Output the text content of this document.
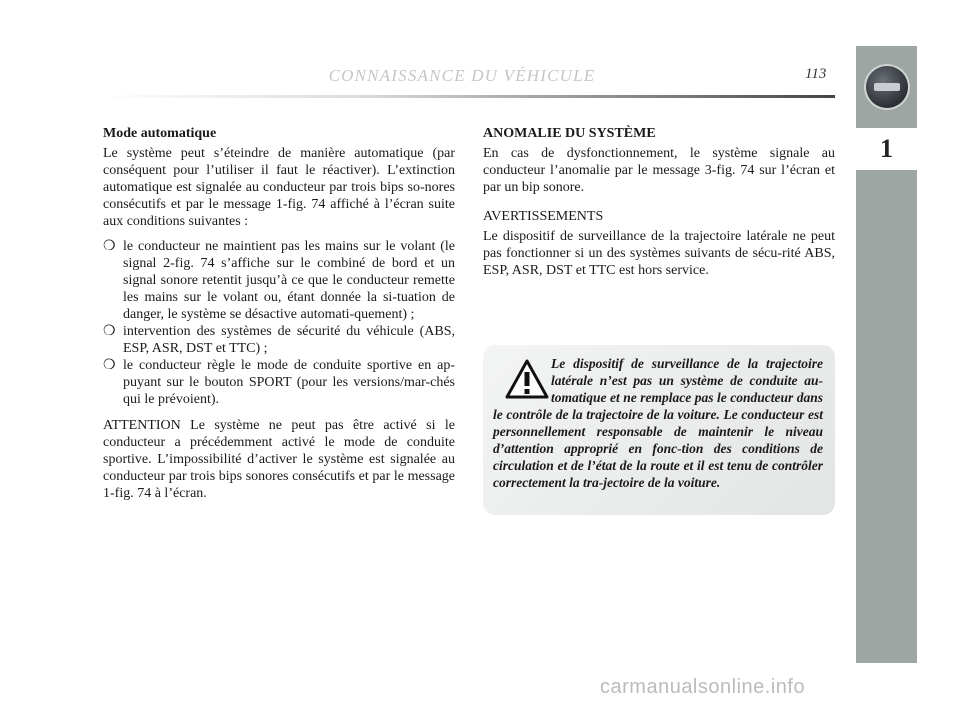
CONNAISSANCE DU VÉHICULE	113
1

Mode automatique

Le système peut s’éteindre de manière automatique (par conséquent pour l’utiliser il faut le réactiver). L’extinction automatique est signalée au conducteur par trois bips so-nores consécutifs et par le message 1-fig. 74 affiché à l’écran suite aux conditions suivantes :

❍ le conducteur ne maintient pas les mains sur le volant (le signal 2-fig. 74 s’affiche sur le combiné de bord et un signal sonore retentit jusqu’à ce que le conducteur remette les mains sur le volant ou, étant donnée la si-tuation de danger, le système se désactive automati-quement) ;
❍ intervention des systèmes de sécurité du véhicule (ABS, ESP, ASR, DST et TTC) ;
❍ le conducteur règle le mode de conduite sportive en ap-puyant sur le bouton SPORT (pour les versions/mar-chés qui le prévoient).

ATTENTION Le système ne peut pas être activé si le conducteur a précédemment activé le mode de conduite sportive. L’impossibilité d’activer le système est signalée au conducteur par trois bips sonores consécutifs et par le message 1-fig. 74 à l’écran.

ANOMALIE DU SYSTÈME

En cas de dysfonctionnement, le système signale au conducteur l’anomalie par le message 3-fig. 74 sur l’écran et par un bip sonore.

AVERTISSEMENTS

Le dispositif de surveillance de la trajectoire latérale ne peut pas fonctionner si un des systèmes suivants de sécu-rité ABS, ESP, ASR, DST et TTC est hors service.

Le dispositif de surveillance de la trajectoire latérale n’est pas un système de conduite au-tomatique et ne remplace pas le conducteur dans le contrôle de la trajectoire de la voiture. Le conducteur est personnellement responsable de maintenir le niveau d’attention approprié en fonc-tion des conditions de circulation et de l’état de la route et il est tenu de contrôler correctement la tra-jectoire de la voiture.
carmanualsonline.info
